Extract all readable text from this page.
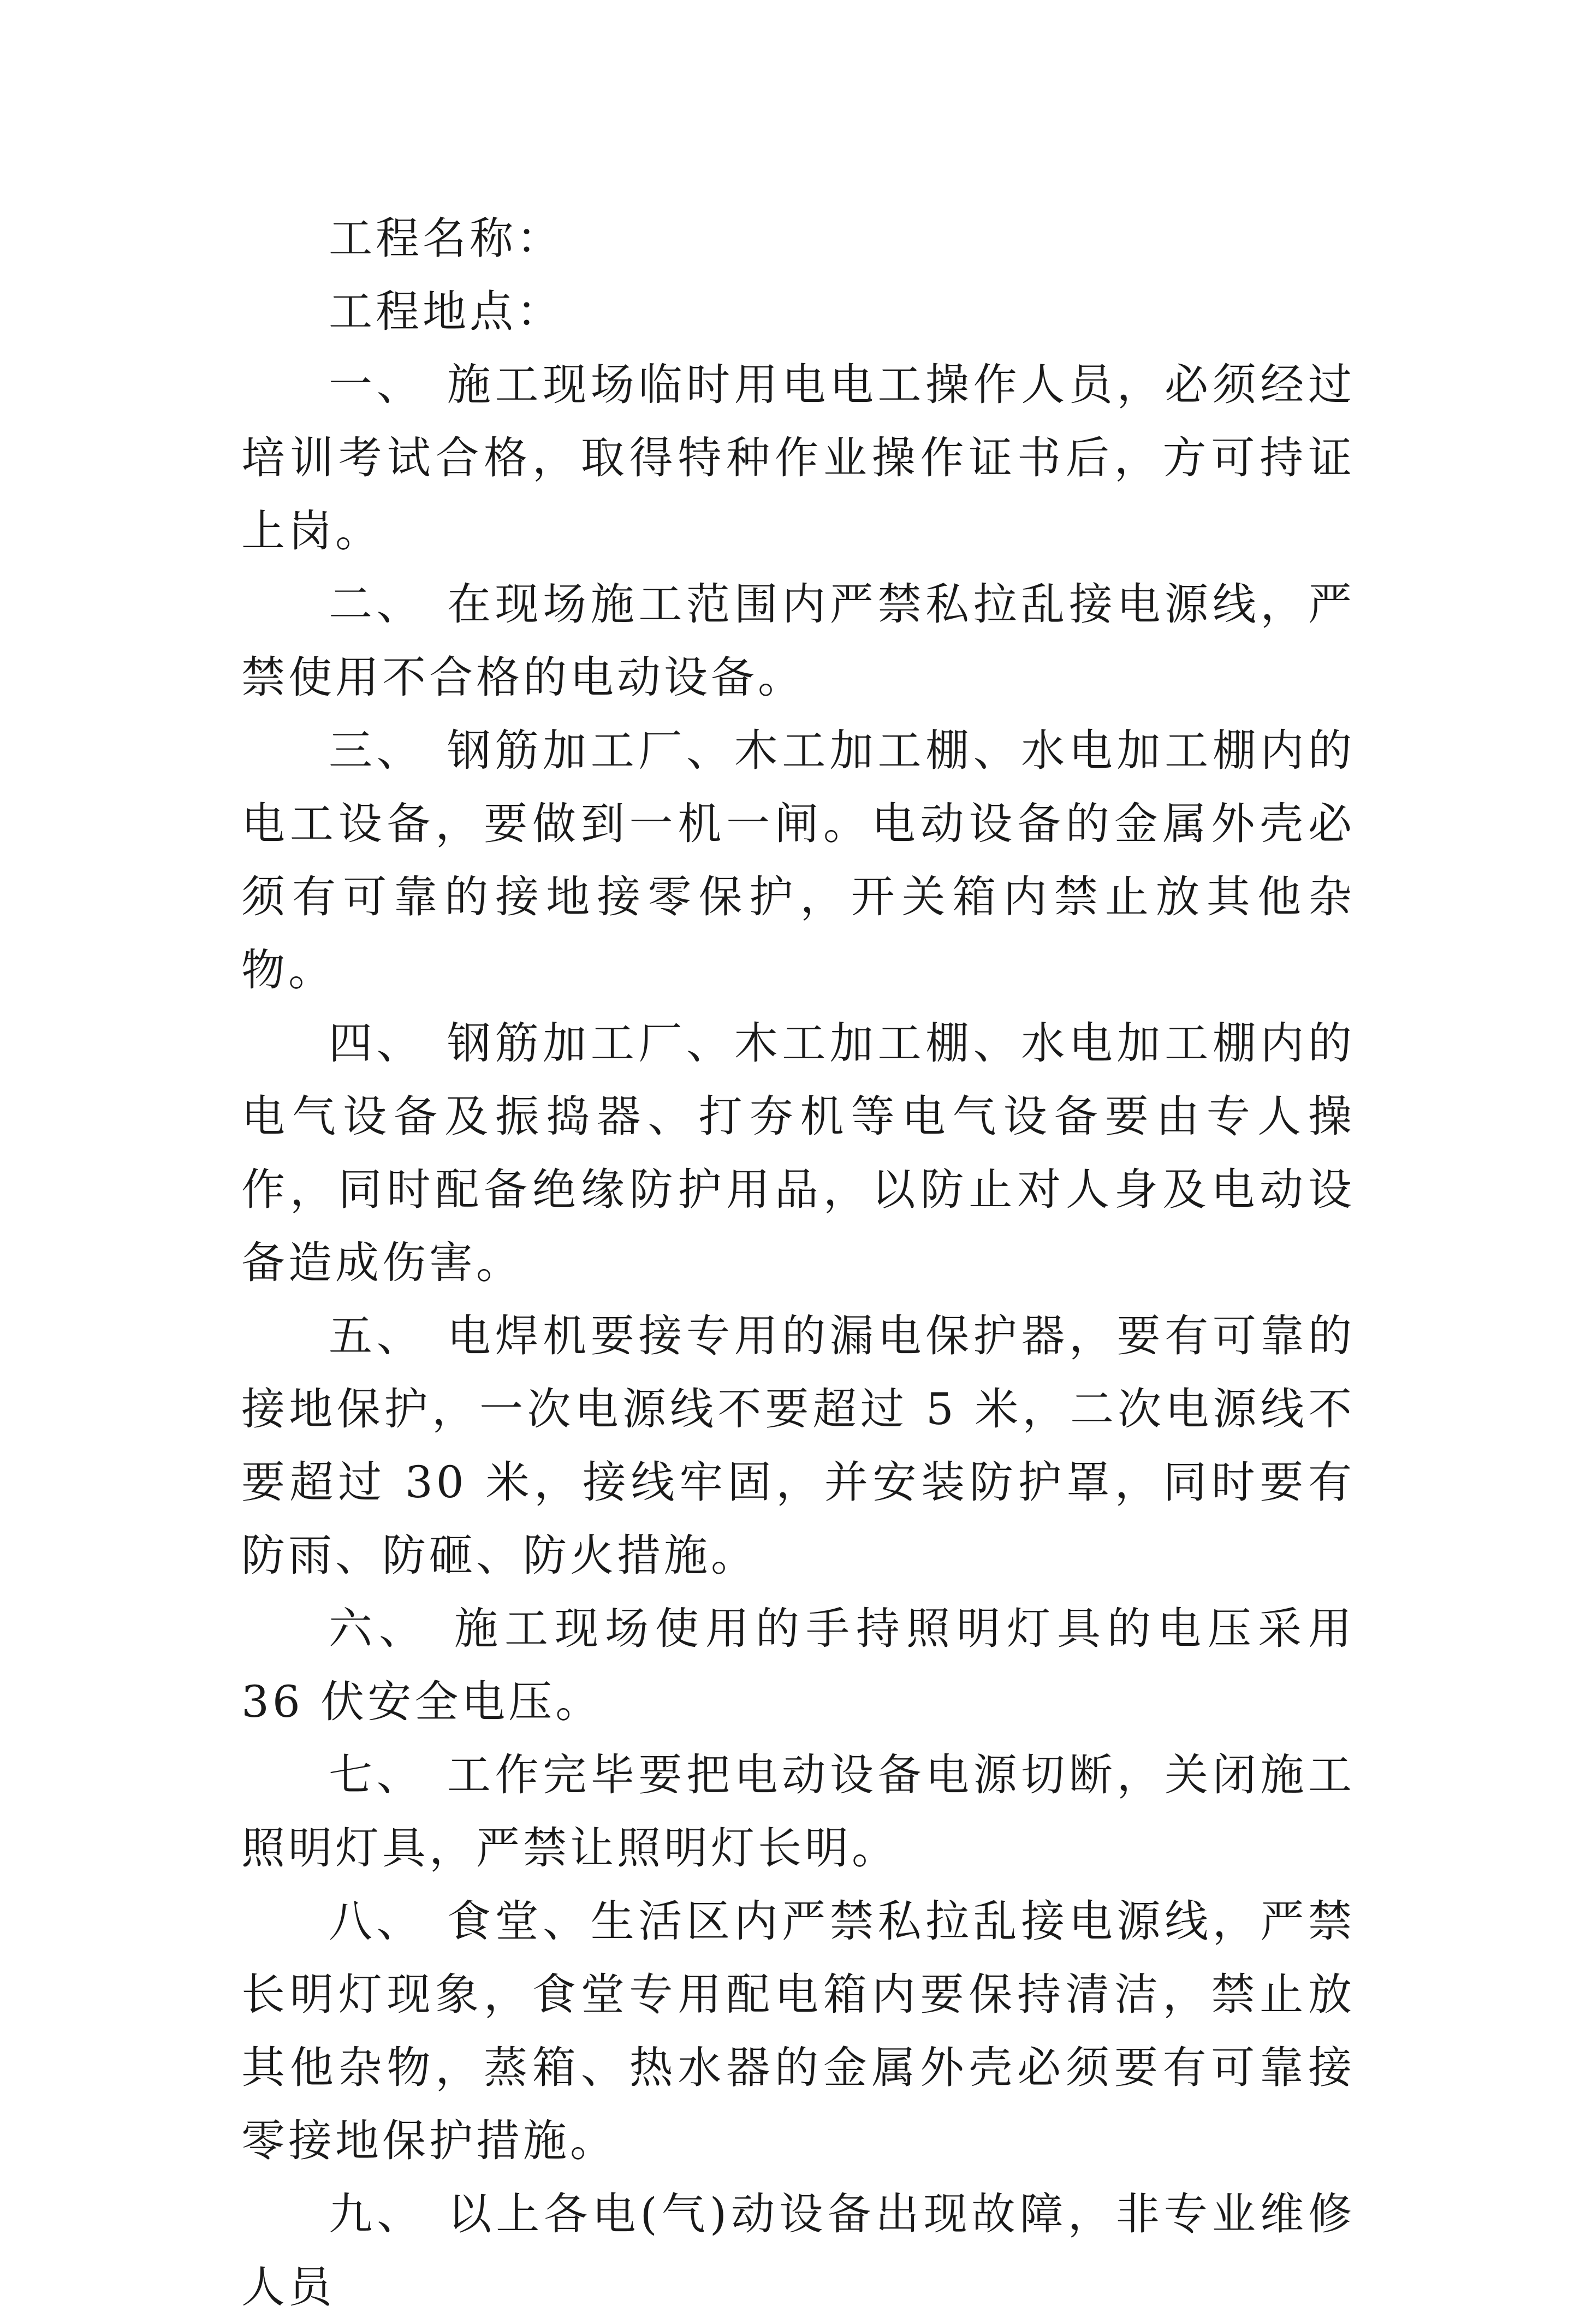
工程名称：

工程地点：

一、 施工现场临时用电电工操作人员，必须经过培训考试合格，取得特种作业操作证书后，方可持证上岗。

二、 在现场施工范围内严禁私拉乱接电源线，严禁使用不合格的电动设备。

三、 钢筋加工厂、木工加工棚、水电加工棚内的电工设备，要做到一机一闸。电动设备的金属外壳必须有可靠的接地接零保护，开关箱内禁止放其他杂物。

四、 钢筋加工厂、木工加工棚、水电加工棚内的电气设备及振捣器、打夯机等电气设备要由专人操作，同时配备绝缘防护用品，以防止对人身及电动设备造成伤害。

五、 电焊机要接专用的漏电保护器，要有可靠的接地保护，一次电源线不要超过 5 米，二次电源线不要超过 30 米，接线牢固，并安装防护罩，同时要有防雨、防砸、防火措施。

六、 施工现场使用的手持照明灯具的电压采用 36 伏安全电压。

七、 工作完毕要把电动设备电源切断，关闭施工照明灯具，严禁让照明灯长明。

八、 食堂、生活区内严禁私拉乱接电源线，严禁长明灯现象，食堂专用配电箱内要保持清洁，禁止放其他杂物，蒸箱、热水器的金属外壳必须要有可靠接零接地保护措施。

九、 以上各电(气)动设备出现故障，非专业维修人员
